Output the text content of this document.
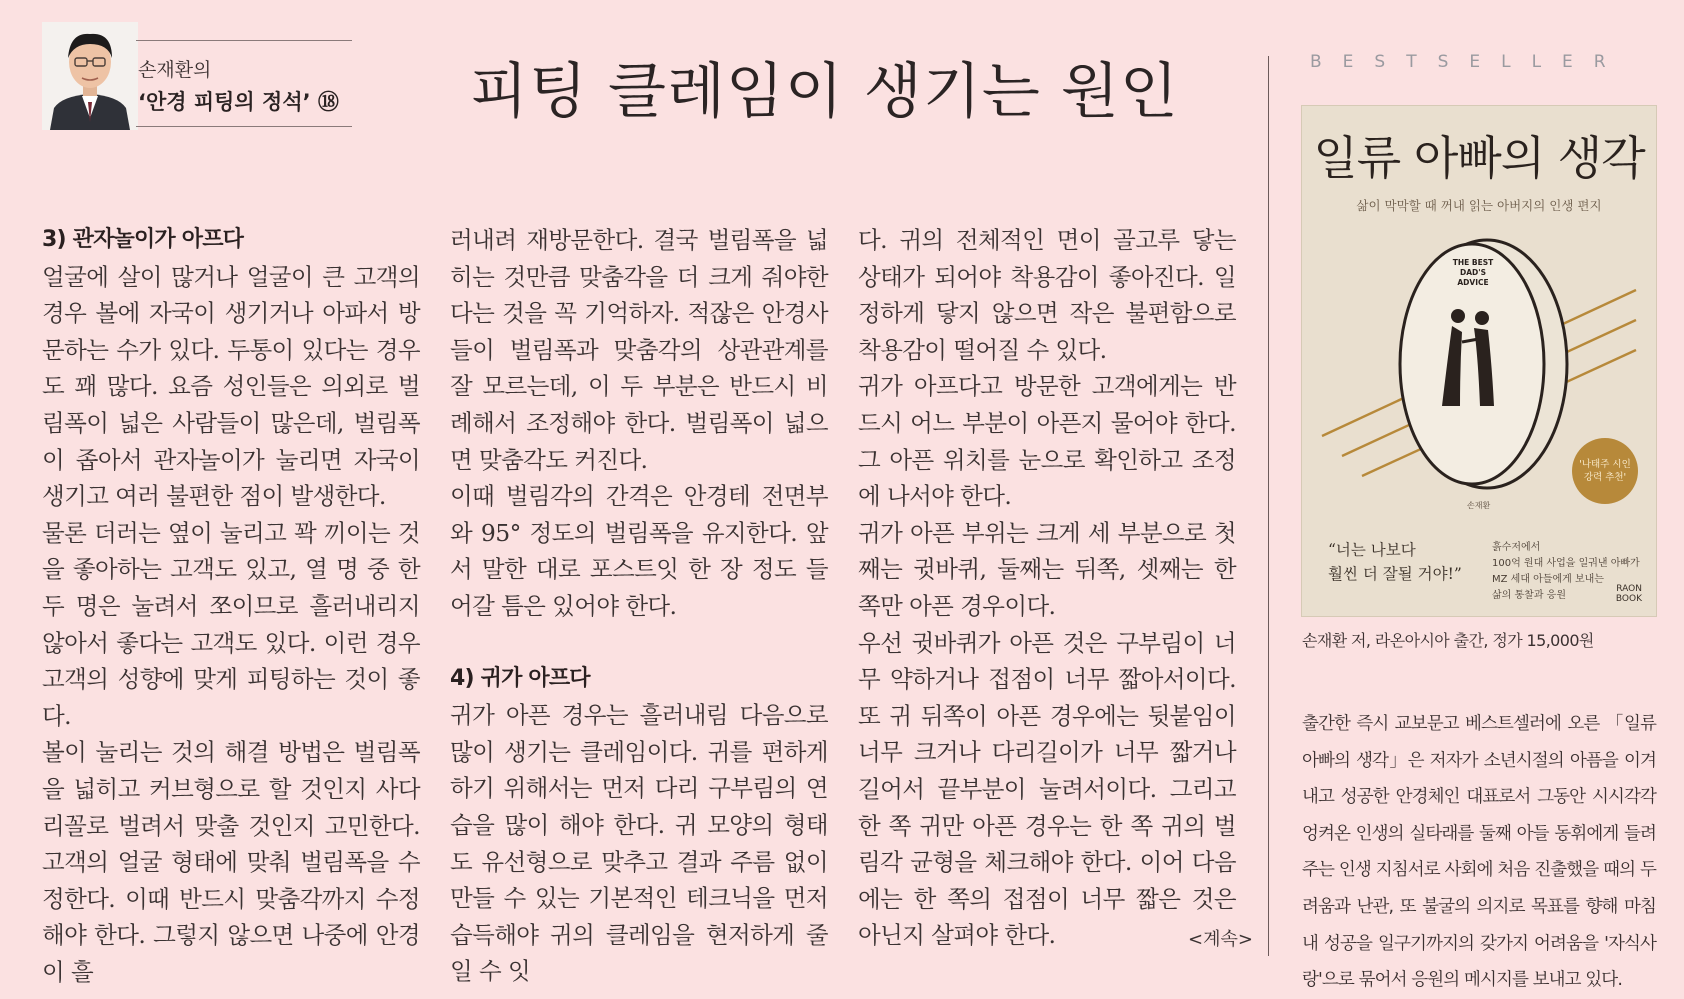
손재환의
‘안경 피팅의 정석’ ⑱ 피팅 클레임이 생기는 원인
3) 관자놀이가 아프다

얼굴에 살이 많거나 얼굴이 큰 고객의 경우 볼에 자국이 생기거나 아파서 방문하는 수가 있다. 두통이 있다는 경우도 꽤 많다. 요즘 성인들은 의외로 벌림폭이 넓은 사람들이 많은데, 벌림폭이 좁아서 관자놀이가 눌리면 자국이 생기고 여러 불편한 점이 발생한다.

물론 더러는 옆이 눌리고 꽉 끼이는 것을 좋아하는 고객도 있고, 열 명 중 한 두 명은 눌려서 쪼이므로 흘러내리지 않아서 좋다는 고객도 있다. 이런 경우 고객의 성향에 맞게 피팅하는 것이 좋다.

볼이 눌리는 것의 해결 방법은 벌림폭을 넓히고 커브형으로 할 것인지 사다리꼴로 벌려서 맞출 것인지 고민한다. 고객의 얼굴 형태에 맞춰 벌림폭을 수정한다. 이때 반드시 맞춤각까지 수정해야 한다. 그렇지 않으면 나중에 안경이 흘

러내려 재방문한다. 결국 벌림폭을 넓히는 것만큼 맞춤각을 더 크게 줘야한다는 것을 꼭 기억하자. 적잖은 안경사들이 벌림폭과 맞춤각의 상관관계를 잘 모르는데, 이 두 부분은 반드시 비례해서 조정해야 한다. 벌림폭이 넓으면 맞춤각도 커진다.

이때 벌림각의 간격은 안경테 전면부와 95° 정도의 벌림폭을 유지한다. 앞서 말한 대로 포스트잇 한 장 정도 들어갈 틈은 있어야 한다.

4) 귀가 아프다

귀가 아픈 경우는 흘러내림 다음으로 많이 생기는 클레임이다. 귀를 편하게 하기 위해서는 먼저 다리 구부림의 연습을 많이 해야 한다. 귀 모양의 형태도 유선형으로 맞추고 결과 주름 없이 만들 수 있는 기본적인 테크닉을 먼저 습득해야 귀의 클레임을 현저하게 줄일 수 잇

다. 귀의 전체적인 면이 골고루 닿는 상태가 되어야 착용감이 좋아진다. 일정하게 닿지 않으면 작은 불편함으로 착용감이 떨어질 수 있다.

귀가 아프다고 방문한 고객에게는 반드시 어느 부분이 아픈지 물어야 한다. 그 아픈 위치를 눈으로 확인하고 조정에 나서야 한다.

귀가 아픈 부위는 크게 세 부분으로 첫째는 귓바퀴, 둘째는 뒤쪽, 셋째는 한쪽만 아픈 경우이다.

우선 귓바퀴가 아픈 것은 구부림이 너무 약하거나 접점이 너무 짧아서이다. 또 귀 뒤쪽이 아픈 경우에는 뒷붙임이 너무 크거나 다리길이가 너무 짧거나 길어서 끝부분이 눌려서이다. 그리고 한 쪽 귀만 아픈 경우는 한 쪽 귀의 벌림각 균형을 체크해야 한다. 이어 다음에는 한 쪽의 접점이 너무 짧은 것은 아닌지 살펴야 한다.	<계속>
BESTSELLER
일류 아빠의 생각
삶이 막막할 때 꺼내 읽는 아버지의 인생 편지
THE BEST
DAD'S
ADVICE
'나태주 시인
강력 추천'
손재환
“너는 나보다
훨씬 더 잘될 거야!”
흙수저에서
100억 원대 사업을 일궈낸 아빠가
MZ 세대 아들에게 보내는
삶의 통찰과 응원
RAON
BOOK
손재환 저, 라온아시아 출간, 정가 15,000원

출간한 즉시 교보문고 베스트셀러에 오른 「일류 아빠의 생각」은 저자가 소년시절의 아픔을 이겨내고 성공한 안경체인 대표로서 그동안 시시각각 엉켜온 인생의 실타래를 둘째 아들 동휘에게 들려주는 인생 지침서로 사회에 처음 진출했을 때의 두려움과 난관, 또 불굴의 의지로 목표를 향해 마침내 성공을 일구기까지의 갖가지 어려움을 '자식사랑'으로 묶어서 응원의 메시지를 보내고 있다.
